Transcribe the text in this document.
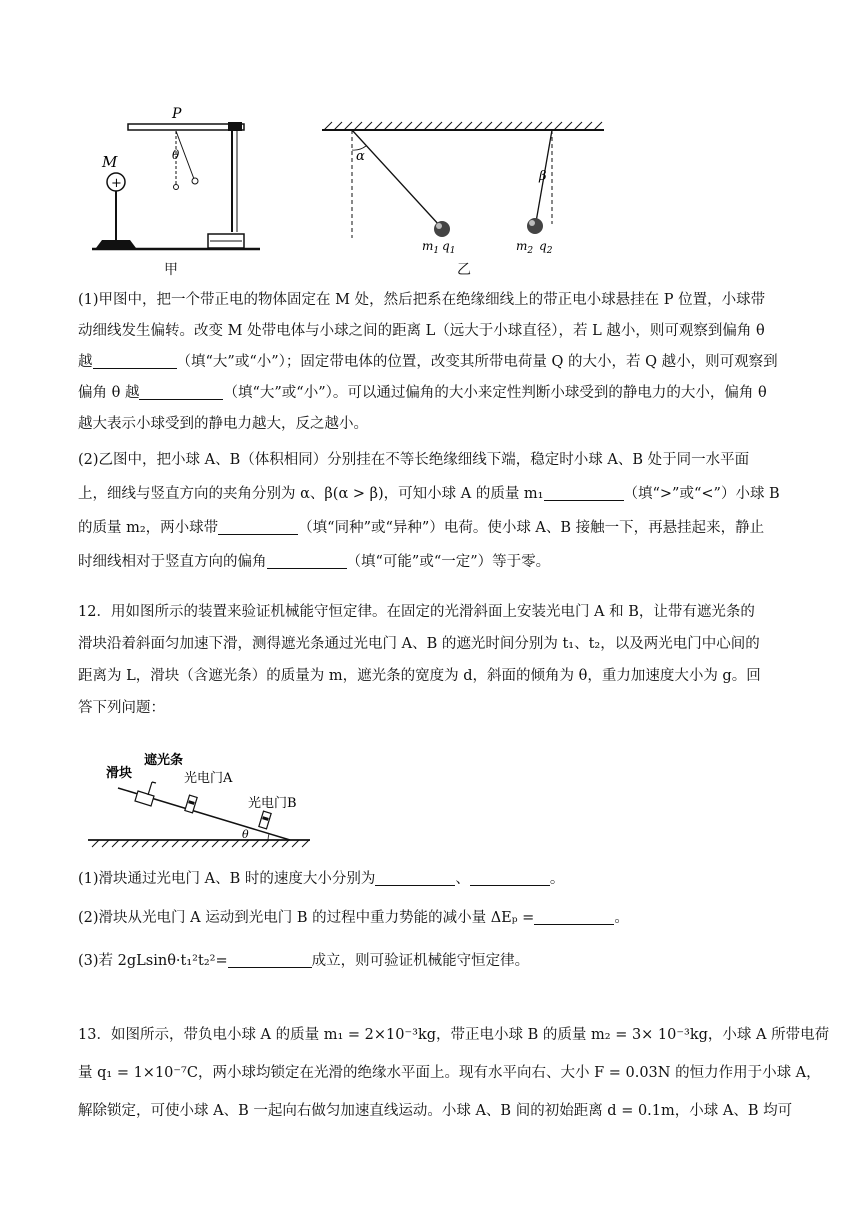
+
M
P
θ
甲
α
β
$m_1$ $q_1$	$m_2$ $q_2$
乙
(1)甲图中，把一个带正电的物体固定在 M 处，然后把系在绝缘细线上的带正电小球悬挂在 P 位置，小球带
动细线发生偏转。改变 M 处带电体与小球之间的距离 L（远大于小球直径），若 L 越小，则可观察到偏角 θ
越	（填“大”或“小”）；固定带电体的位置，改变其所带电荷量 Q 的大小，若 Q 越小，则可观察到
偏角 θ 越	（填“大”或“小”）。可以通过偏角的大小来定性判断小球受到的静电力的大小，偏角 θ
越大表示小球受到的静电力越大，反之越小。
(2)乙图中，把小球 A、B（体积相同）分别挂在不等长绝缘细线下端，稳定时小球 A、B 处于同一水平面
上，细线与竖直方向的夹角分别为 α、β(α > β)，可知小球 A 的质量 m₁	（填“>”或“<”）小球 B
的质量 m₂，两小球带	（填“同种”或“异种”）电荷。使小球 A、B 接触一下，再悬挂起来，静止
时细线相对于竖直方向的偏角	（填“可能”或“一定”）等于零。
12．用如图所示的装置来验证机械能守恒定律。在固定的光滑斜面上安装光电门 A 和 B，让带有遮光条的
滑块沿着斜面匀加速下滑，测得遮光条通过光电门 A、B 的遮光时间分别为 t₁、t₂，以及两光电门中心间的
距离为 L，滑块（含遮光条）的质量为 m，遮光条的宽度为 d，斜面的倾角为 θ，重力加速度大小为 g。回
答下列问题：
θ
滑块
遮光条
光电门A
光电门B
(1)滑块通过光电门 A、B 时的速度大小分别为	、	。
(2)滑块从光电门 A 运动到光电门 B 的过程中重力势能的减小量 ΔEₚ =	。
(3)若 2gLsinθ·t₁²t₂²=	成立，则可验证机械能守恒定律。
13．如图所示，带负电小球 A 的质量 m₁ = 2×10⁻³kg，带正电小球 B 的质量 m₂ = 3× 10⁻³kg，小球 A 所带电荷
量 q₁ = 1×10⁻⁷C，两小球均锁定在光滑的绝缘水平面上。现有水平向右、大小 F = 0.03N 的恒力作用于小球 A，
解除锁定，可使小球 A、B 一起向右做匀加速直线运动。小球 A、B 间的初始距离 d = 0.1m，小球 A、B 均可
